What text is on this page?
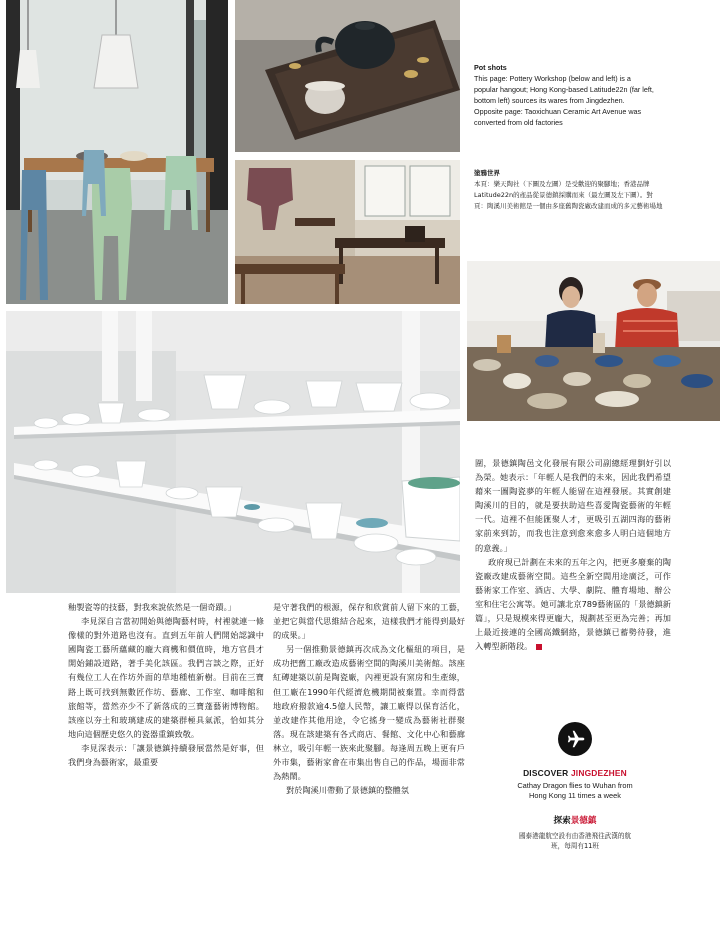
Pot shots
This page: Pottery Workshop (below and left) is a popular hangout; Hong Kong-based Latitude22n (far left, bottom left) sources its wares from Jingdezhen. Opposite page: Taoxichuan Ceramic Art Avenue was converted from old factories
塗鴉世界
本頁：樂天陶社（下圖及左圖）是受歡迎的聚腳地；香港品牌Latitude22n的產品從景德鎮採購而來（最左圖及左下圖）。對頁：陶溪川美術館是一個由多座舊陶瓷廠改建而成的多元藝術場地

釉製瓷等的技藝，對我來說依然是一個奇蹟。」

李見深自言當初開始與德陶藝村時，村裡就連一條像樣的對外道路也沒有。直到五年前人們開始認識中國陶瓷工藝所蘊藏的龐大商機和價值時，地方官員才開始鋪設道路，著手美化該區。我們言談之際，正好有幾位工人在作坊外面的草地種植新樹。目前在三寶路上既可找到無數匠作坊、藝廊、工作室、咖啡館和旅館等，當然亦少不了新落成的三寶蓬藝術博物館。該座以夯土和玻璃建成的建築群極具氣派，恰如其分地向這個歷史悠久的瓷器重鎮致敬。

李見深表示：「讓景德鎮持續發展當然是好事，但我們身為藝術家，最重要

是守著我們的根源，保存和欣賞前人留下來的工藝，並把它與當代思維結合起來，這樣我們才能得到最好的成果。」

另一個推動景德鎮再次成為文化樞紐的項目，是成功把舊工廠改造成藝術空間的陶溪川美術館。該座紅磚建築以前是陶瓷廠，內裡更設有窯房和生產線，但工廠在1990年代經濟危機期間被棄置。幸而得當地政府撥款逾4.5億人民幣，讓工廠得以保育活化，並改建作其他用途，令它搖身一變成為藝術社群聚落。現在該建築有各式商店、餐館、文化中心和藝廊林立，吸引年輕一族來此聚腳。每逢周五晚上更有戶外市集，藝術家會在市集出售自己的作品，場面非常為熱鬧。

對於陶溪川帶動了景德鎮的整體氛

圍，景德鎮陶邑文化發展有限公司副總經理劉好引以為榮。她表示：「年輕人是我們的未來，因此我們希望藉來一圖陶瓷夢的年輕人能留在這裡發展。其實創建陶溪川的目的，就是要扶助這些喜愛陶瓷藝術的年輕一代。這裡不但能匯聚人才，更吸引五湖四海的藝術家前來到訪，而我也注意到愈來愈多人明白這個地方的意義。」

政府現已計劃在未來的五年之內，把更多廢棄的陶瓷廠改建成藝術空間。這些全新空間用途廣泛，可作藝術家工作室、酒店、大學、劇院、體育場地、辦公室和住宅公寓等。她可讓北京789藝術區的「景德鎮新篇」，只是規模來得更龐大，規劃甚至更為完善；再加上最近接連的全國高鐵網絡，景德鎮已蓄勢待發，進入轉型新階段。

DISCOVER JINGDEZHEN
Cathay Dragon flies to Wuhan from Hong Kong 11 times a week
探索景德鎮
國泰港龍航空設有由香港飛往武漢的航班，每周有11班
